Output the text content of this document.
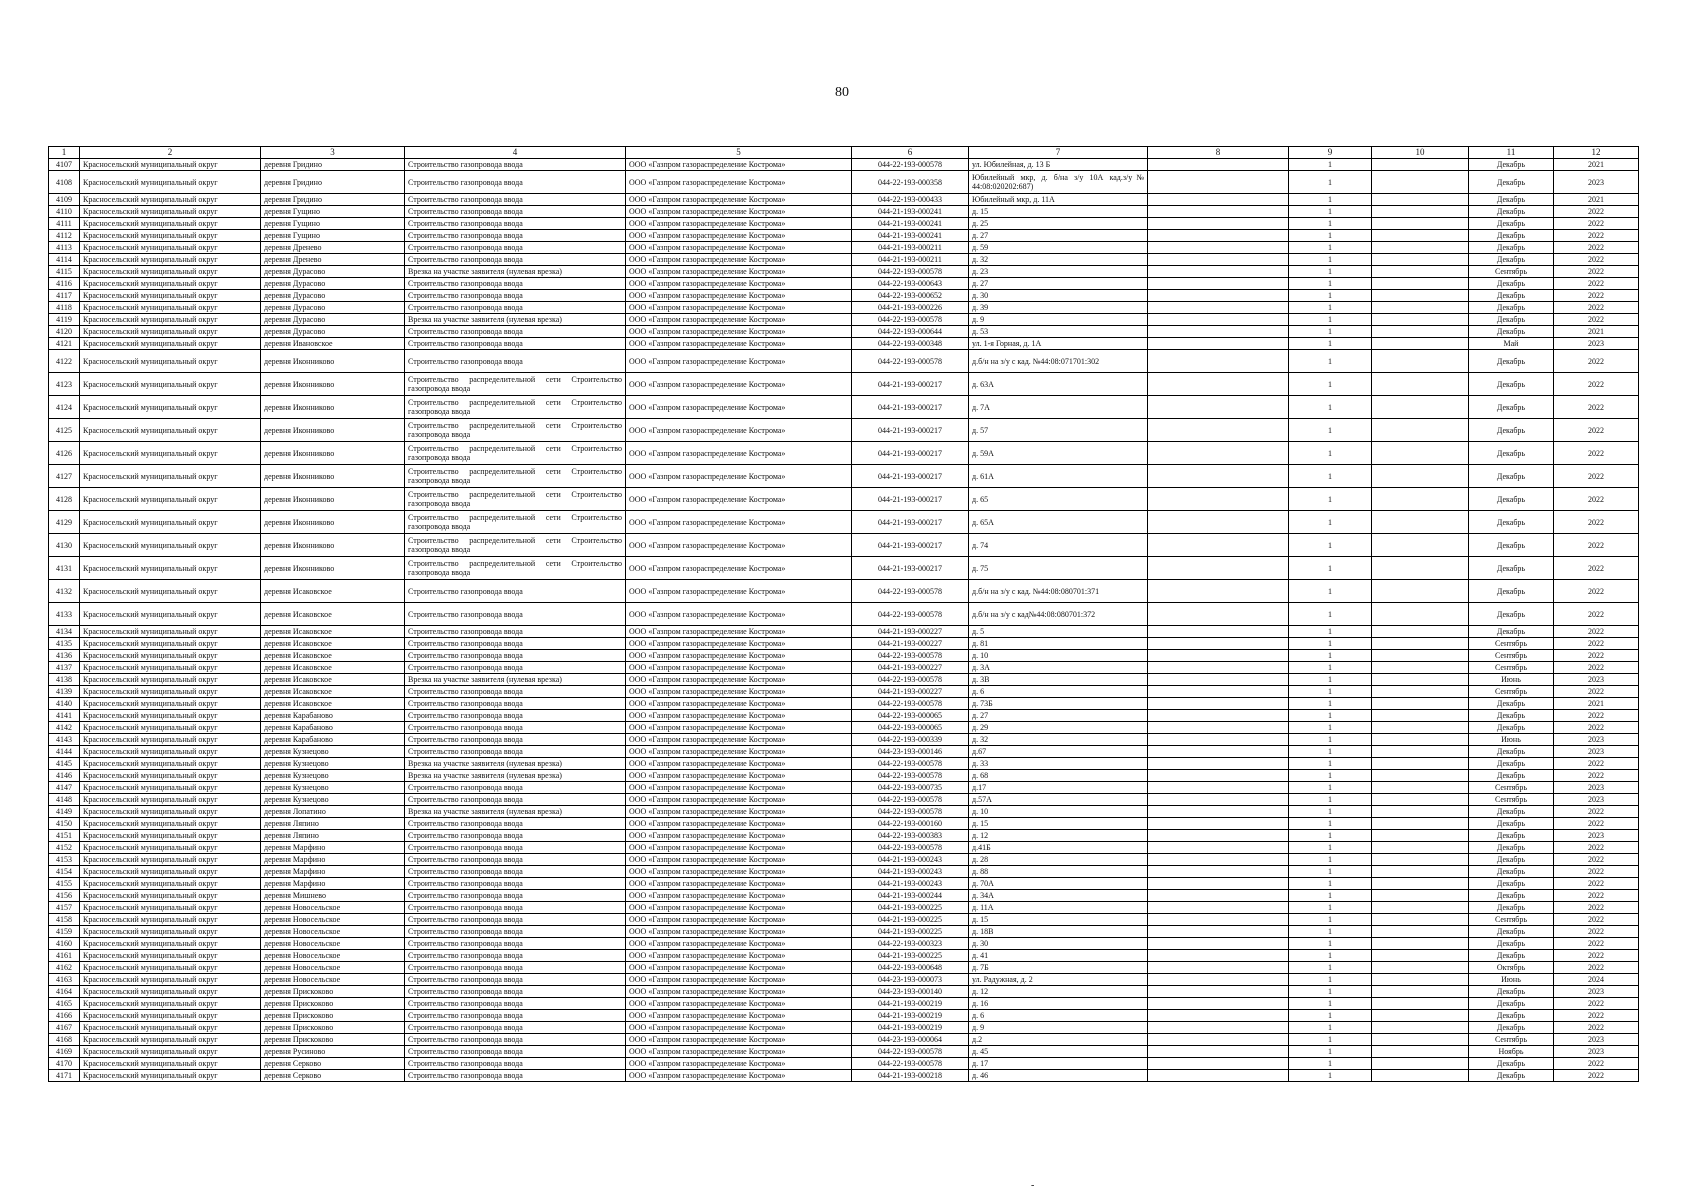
80
1	2	3	4	5	6	7	8	9	10	11	12
4107	Красносельский муниципальный округ	деревня Гридино	Строительство газопровода ввода	ООО «Газпром газораспределение Кострома»	044-22-193-000578	ул. Юбилейная, д. 13 Б		1		Декабрь	2021
4108	Красносельский муниципальный округ	деревня Гридино	Строительство газопровода ввода	ООО «Газпром газораспределение Кострома»	044-22-193-000358	Юбилейный мкр, д. б/на з/у 10А кад.з/у№ 44:08:020202:687)		1		Декабрь	2023
4109	Красносельский муниципальный округ	деревня Гридино	Строительство газопровода ввода	ООО «Газпром газораспределение Кострома»	044-22-193-000433	Юбилейный мкр, д. 11А		1		Декабрь	2021
4110	Красносельский муниципальный округ	деревня Гущино	Строительство газопровода ввода	ООО «Газпром газораспределение Кострома»	044-21-193-000241	д. 15		1		Декабрь	2022
4111	Красносельский муниципальный округ	деревня Гущино	Строительство газопровода ввода	ООО «Газпром газораспределение Кострома»	044-21-193-000241	д. 25		1		Декабрь	2022
4112	Красносельский муниципальный округ	деревня Гущино	Строительство газопровода ввода	ООО «Газпром газораспределение Кострома»	044-21-193-000241	д. 27		1		Декабрь	2022
4113	Красносельский муниципальный округ	деревня Дренево	Строительство газопровода ввода	ООО «Газпром газораспределение Кострома»	044-21-193-000211	д. 59		1		Декабрь	2022
4114	Красносельский муниципальный округ	деревня Дренево	Строительство газопровода ввода	ООО «Газпром газораспределение Кострома»	044-21-193-000211	д. 32		1		Декабрь	2022
4115	Красносельский муниципальный округ	деревня Дурасово	Врезка на участке заявителя (нулевая врезка)	ООО «Газпром газораспределение Кострома»	044-22-193-000578	д. 23		1		Сентябрь	2022
4116	Красносельский муниципальный округ	деревня Дурасово	Строительство газопровода ввода	ООО «Газпром газораспределение Кострома»	044-22-193-000643	д. 27		1		Декабрь	2022
4117	Красносельский муниципальный округ	деревня Дурасово	Строительство газопровода ввода	ООО «Газпром газораспределение Кострома»	044-22-193-000652	д. 30		1		Декабрь	2022
4118	Красносельский муниципальный округ	деревня Дурасово	Строительство газопровода ввода	ООО «Газпром газораспределение Кострома»	044-21-193-000226	д. 39		1		Декабрь	2022
4119	Красносельский муниципальный округ	деревня Дурасово	Врезка на участке заявителя (нулевая врезка)	ООО «Газпром газораспределение Кострома»	044-22-193-000578	д. 9		1		Декабрь	2022
4120	Красносельский муниципальный округ	деревня Дурасово	Строительство газопровода ввода	ООО «Газпром газораспределение Кострома»	044-22-193-000644	д. 53		1		Декабрь	2021
4121	Красносельский муниципальный округ	деревня Ивановское	Строительство газопровода ввода	ООО «Газпром газораспределение Кострома»	044-22-193-000348	ул. 1-я Горная, д. 1А		1		Май	2023
4122	Красносельский муниципальный округ	деревня Иконниково	Строительство газопровода ввода	ООО «Газпром газораспределение Кострома»	044-22-193-000578	д.б/н на з/у с кад. №44:08:071701:302		1		Декабрь	2022
4123	Красносельский муниципальный округ	деревня Иконниково	Строительство распределительной сети Строительство газопровода ввода	ООО «Газпром газораспределение Кострома»	044-21-193-000217	д. 63А		1		Декабрь	2022
4124	Красносельский муниципальный округ	деревня Иконниково	Строительство распределительной сети Строительство газопровода ввода	ООО «Газпром газораспределение Кострома»	044-21-193-000217	д. 7А		1		Декабрь	2022
4125	Красносельский муниципальный округ	деревня Иконниково	Строительство распределительной сети Строительство газопровода ввода	ООО «Газпром газораспределение Кострома»	044-21-193-000217	д. 57		1		Декабрь	2022
4126	Красносельский муниципальный округ	деревня Иконниково	Строительство распределительной сети Строительство газопровода ввода	ООО «Газпром газораспределение Кострома»	044-21-193-000217	д. 59А		1		Декабрь	2022
4127	Красносельский муниципальный округ	деревня Иконниково	Строительство распределительной сети Строительство газопровода ввода	ООО «Газпром газораспределение Кострома»	044-21-193-000217	д. 61А		1		Декабрь	2022
4128	Красносельский муниципальный округ	деревня Иконниково	Строительство распределительной сети Строительство газопровода ввода	ООО «Газпром газораспределение Кострома»	044-21-193-000217	д. 65		1		Декабрь	2022
4129	Красносельский муниципальный округ	деревня Иконниково	Строительство распределительной сети Строительство газопровода ввода	ООО «Газпром газораспределение Кострома»	044-21-193-000217	д. 65А		1		Декабрь	2022
4130	Красносельский муниципальный округ	деревня Иконниково	Строительство распределительной сети Строительство газопровода ввода	ООО «Газпром газораспределение Кострома»	044-21-193-000217	д. 74		1		Декабрь	2022
4131	Красносельский муниципальный округ	деревня Иконниково	Строительство распределительной сети Строительство газопровода ввода	ООО «Газпром газораспределение Кострома»	044-21-193-000217	д. 75		1		Декабрь	2022
4132	Красносельский муниципальный округ	деревня Исаковское	Строительство газопровода ввода	ООО «Газпром газораспределение Кострома»	044-22-193-000578	д.б/н на з/у с кад. №44:08:080701:371		1		Декабрь	2022
4133	Красносельский муниципальный округ	деревня Исаковское	Строительство газопровода ввода	ООО «Газпром газораспределение Кострома»	044-22-193-000578	д.б/н на з/у с кад№44:08:080701:372		1		Декабрь	2022
4134	Красносельский муниципальный округ	деревня Исаковское	Строительство газопровода ввода	ООО «Газпром газораспределение Кострома»	044-21-193-000227	д. 5		1		Декабрь	2022
4135	Красносельский муниципальный округ	деревня Исаковское	Строительство газопровода ввода	ООО «Газпром газораспределение Кострома»	044-21-193-000227	д. 81		1		Сентябрь	2022
4136	Красносельский муниципальный округ	деревня Исаковское	Строительство газопровода ввода	ООО «Газпром газораспределение Кострома»	044-22-193-000578	д. 10		1		Сентябрь	2022
4137	Красносельский муниципальный округ	деревня Исаковское	Строительство газопровода ввода	ООО «Газпром газораспределение Кострома»	044-21-193-000227	д. 3А		1		Сентябрь	2022
4138	Красносельский муниципальный округ	деревня Исаковское	Врезка на участке заявителя (нулевая врезка)	ООО «Газпром газораспределение Кострома»	044-22-193-000578	д. 3В		1		Июнь	2023
4139	Красносельский муниципальный округ	деревня Исаковское	Строительство газопровода ввода	ООО «Газпром газораспределение Кострома»	044-21-193-000227	д. 6		1		Сентябрь	2022
4140	Красносельский муниципальный округ	деревня Исаковское	Строительство газопровода ввода	ООО «Газпром газораспределение Кострома»	044-22-193-000578	д. 73Б		1		Декабрь	2021
4141	Красносельский муниципальный округ	деревня Карабаново	Строительство газопровода ввода	ООО «Газпром газораспределение Кострома»	044-22-193-000065	д. 27		1		Декабрь	2022
4142	Красносельский муниципальный округ	деревня Карабаново	Строительство газопровода ввода	ООО «Газпром газораспределение Кострома»	044-22-193-000065	д. 29		1		Декабрь	2022
4143	Красносельский муниципальный округ	деревня Карабаново	Строительство газопровода ввода	ООО «Газпром газораспределение Кострома»	044-22-193-000339	д. 32		1		Июнь	2023
4144	Красносельский муниципальный округ	деревня Кузнецово	Строительство газопровода ввода	ООО «Газпром газораспределение Кострома»	044-23-193-000146	д.67		1		Декабрь	2023
4145	Красносельский муниципальный округ	деревня Кузнецово	Врезка на участке заявителя (нулевая врезка)	ООО «Газпром газораспределение Кострома»	044-22-193-000578	д. 33		1		Декабрь	2022
4146	Красносельский муниципальный округ	деревня Кузнецово	Врезка на участке заявителя (нулевая врезка)	ООО «Газпром газораспределение Кострома»	044-22-193-000578	д. 68		1		Декабрь	2022
4147	Красносельский муниципальный округ	деревня Кузнецово	Строительство газопровода ввода	ООО «Газпром газораспределение Кострома»	044-22-193-000735	д.17		1		Сентябрь	2023
4148	Красносельский муниципальный округ	деревня Кузнецово	Строительство газопровода ввода	ООО «Газпром газораспределение Кострома»	044-22-193-000578	д.57А		1		Сентябрь	2023
4149	Красносельский муниципальный округ	деревня Лопатино	Врезка на участке заявителя (нулевая врезка)	ООО «Газпром газораспределение Кострома»	044-22-193-000578	д. 10		1		Декабрь	2022
4150	Красносельский муниципальный округ	деревня Ляпино	Строительство газопровода ввода	ООО «Газпром газораспределение Кострома»	044-22-193-000160	д. 15		1		Декабрь	2022
4151	Красносельский муниципальный округ	деревня Ляпино	Строительство газопровода ввода	ООО «Газпром газораспределение Кострома»	044-22-193-000383	д. 12		1		Декабрь	2023
4152	Красносельский муниципальный округ	деревня Марфино	Строительство газопровода ввода	ООО «Газпром газораспределение Кострома»	044-22-193-000578	д.41Б		1		Декабрь	2022
4153	Красносельский муниципальный округ	деревня Марфино	Строительство газопровода ввода	ООО «Газпром газораспределение Кострома»	044-21-193-000243	д. 28		1		Декабрь	2022
4154	Красносельский муниципальный округ	деревня Марфино	Строительство газопровода ввода	ООО «Газпром газораспределение Кострома»	044-21-193-000243	д. 88		1		Декабрь	2022
4155	Красносельский муниципальный округ	деревня Марфино	Строительство газопровода ввода	ООО «Газпром газораспределение Кострома»	044-21-193-000243	д. 70А		1		Декабрь	2022
4156	Красносельский муниципальный округ	деревня Мишнево	Строительство газопровода ввода	ООО «Газпром газораспределение Кострома»	044-21-193-000244	д. 34А		1		Декабрь	2022
4157	Красносельский муниципальный округ	деревня Новосельское	Строительство газопровода ввода	ООО «Газпром газораспределение Кострома»	044-21-193-000225	д. 11А		1		Декабрь	2022
4158	Красносельский муниципальный округ	деревня Новосельское	Строительство газопровода ввода	ООО «Газпром газораспределение Кострома»	044-21-193-000225	д. 15		1		Сентябрь	2022
4159	Красносельский муниципальный округ	деревня Новосельское	Строительство газопровода ввода	ООО «Газпром газораспределение Кострома»	044-21-193-000225	д. 18В		1		Декабрь	2022
4160	Красносельский муниципальный округ	деревня Новосельское	Строительство газопровода ввода	ООО «Газпром газораспределение Кострома»	044-22-193-000323	д. 30		1		Декабрь	2022
4161	Красносельский муниципальный округ	деревня Новосельское	Строительство газопровода ввода	ООО «Газпром газораспределение Кострома»	044-21-193-000225	д. 41		1		Декабрь	2022
4162	Красносельский муниципальный округ	деревня Новосельское	Строительство газопровода ввода	ООО «Газпром газораспределение Кострома»	044-22-193-000648	д. 7Б		1		Октябрь	2022
4163	Красносельский муниципальный округ	деревня Новосельское	Строительство газопровода ввода	ООО «Газпром газораспределение Кострома»	044-23-193-000073	ул. Радужная, д. 2		1		Июнь	2024
4164	Красносельский муниципальный округ	деревня Прискоково	Строительство газопровода ввода	ООО «Газпром газораспределение Кострома»	044-23-193-000140	д. 12		1		Декабрь	2023
4165	Красносельский муниципальный округ	деревня Прискоково	Строительство газопровода ввода	ООО «Газпром газораспределение Кострома»	044-21-193-000219	д. 16		1		Декабрь	2022
4166	Красносельский муниципальный округ	деревня Прискоково	Строительство газопровода ввода	ООО «Газпром газораспределение Кострома»	044-21-193-000219	д. 6		1		Декабрь	2022
4167	Красносельский муниципальный округ	деревня Прискоково	Строительство газопровода ввода	ООО «Газпром газораспределение Кострома»	044-21-193-000219	д. 9		1		Декабрь	2022
4168	Красносельский муниципальный округ	деревня Прискоково	Строительство газопровода ввода	ООО «Газпром газораспределение Кострома»	044-23-193-000064	д.2		1		Сентябрь	2023
4169	Красносельский муниципальный округ	деревня Русиново	Строительство газопровода ввода	ООО «Газпром газораспределение Кострома»	044-22-193-000578	д. 45		1		Ноябрь	2023
4170	Красносельский муниципальный округ	деревня Серково	Строительство газопровода ввода	ООО «Газпром газораспределение Кострома»	044-22-193-000578	д. 17		1		Декабрь	2022
4171	Красносельский муниципальный округ	деревня Серково	Строительство газопровода ввода	ООО «Газпром газораспределение Кострома»	044-21-193-000218	д. 46		1		Декабрь	2022
-
